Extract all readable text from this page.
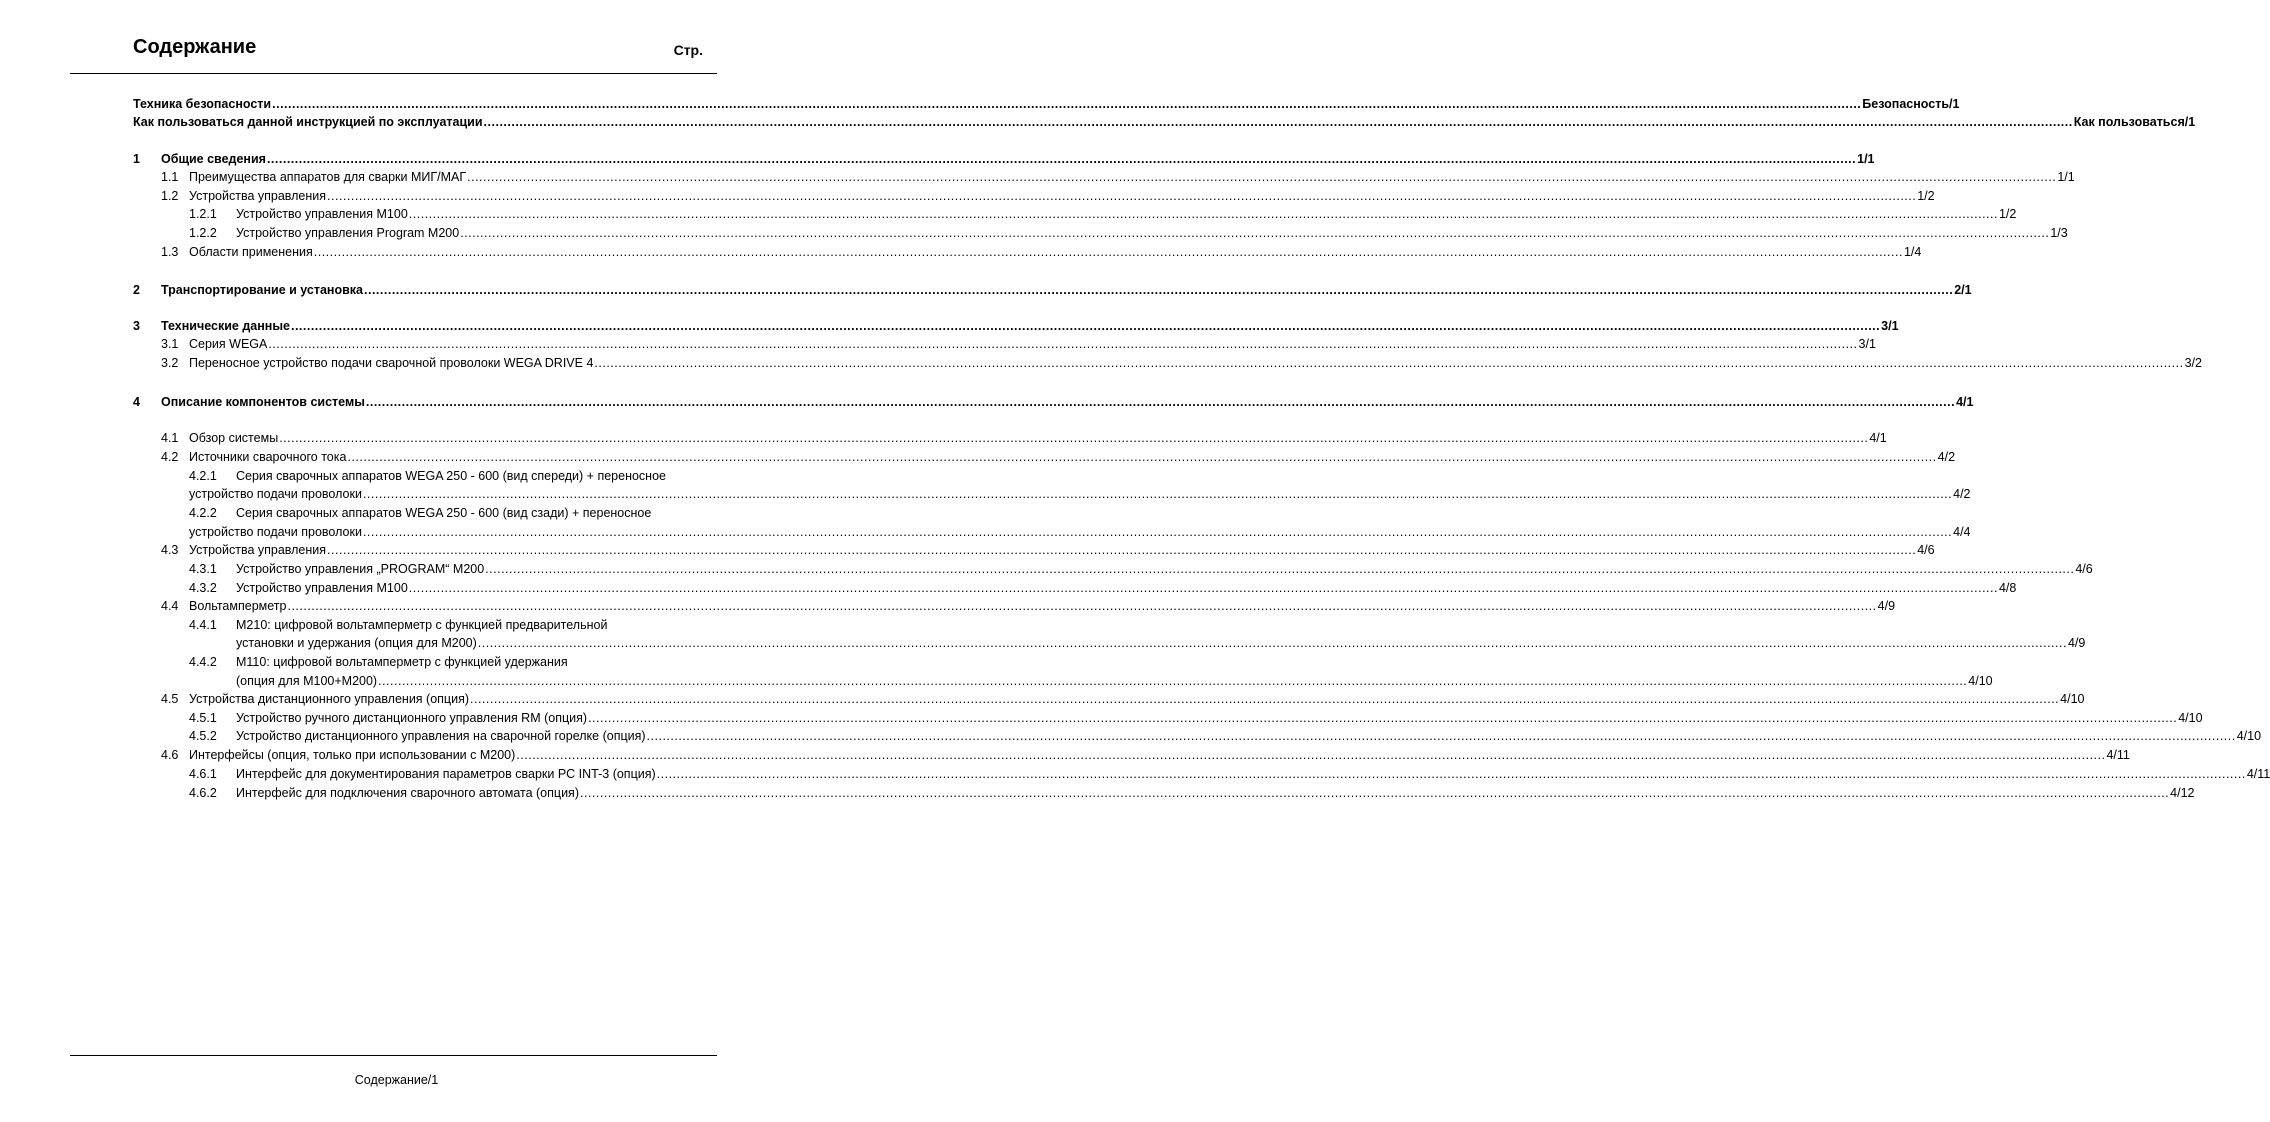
Содержание	Стр.
Техника безопасности ................................................................................................................................................................................................................................................................................................................................................................................................................ Безопасность/1
Как пользоваться данной инструкцией по эксплуатации ................................................................................................................................................................................................................................................................................................................................................................................................................ Как пользоваться/1
1 Общие сведения ................................................................................................................................................................................................................................................................................................................................................................................................................ 1/1
1.1 Преимущества аппаратов для сварки МИГ/МАГ ................................................................................................................................................................................................................................................................................................................................................................................................................ 1/1
1.2 Устройства управления ................................................................................................................................................................................................................................................................................................................................................................................................................ 1/2
1.2.1 Устройство управления M100 ................................................................................................................................................................................................................................................................................................................................................................................................................ 1/2
1.2.2 Устройство управления Program M200 ................................................................................................................................................................................................................................................................................................................................................................................................................ 1/3
1.3 Области применения ................................................................................................................................................................................................................................................................................................................................................................................................................ 1/4
2 Транспортирование и установка ................................................................................................................................................................................................................................................................................................................................................................................................................ 2/1
3 Технические данные ................................................................................................................................................................................................................................................................................................................................................................................................................ 3/1
3.1 Серия WEGA ................................................................................................................................................................................................................................................................................................................................................................................................................ 3/1
3.2 Переносное устройство подачи сварочной проволоки WEGA DRIVE 4 ................................................................................................................................................................................................................................................................................................................................................................................................................ 3/2
4 Описание компонентов системы ................................................................................................................................................................................................................................................................................................................................................................................................................ 4/1
4.1 Обзор системы ................................................................................................................................................................................................................................................................................................................................................................................................................ 4/1
4.2 Источники сварочного тока ................................................................................................................................................................................................................................................................................................................................................................................................................ 4/2
4.2.1 Серия сварочных аппаратов WEGA 250 - 600 (вид спереди) + переносное
устройство подачи проволоки ................................................................................................................................................................................................................................................................................................................................................................................................................ 4/2
4.2.2 Серия сварочных аппаратов WEGA 250 - 600 (вид сзади) + переносное
устройство подачи проволоки ................................................................................................................................................................................................................................................................................................................................................................................................................ 4/4
4.3 Устройства управления ................................................................................................................................................................................................................................................................................................................................................................................................................ 4/6
4.3.1 Устройство управления „PROGRAM“ M200 ................................................................................................................................................................................................................................................................................................................................................................................................................ 4/6
4.3.2 Устройство управления M100 ................................................................................................................................................................................................................................................................................................................................................................................................................ 4/8
4.4 Вольтамперметр ................................................................................................................................................................................................................................................................................................................................................................................................................ 4/9
4.4.1 M210: цифровой вольтамперметр с функцией предварительной
установки и удержания (опция для M200) ................................................................................................................................................................................................................................................................................................................................................................................................................ 4/9
4.4.2 M110: цифровой вольтамперметр с функцией удержания
(опция для M100+M200) ................................................................................................................................................................................................................................................................................................................................................................................................................ 4/10
4.5 Устройства дистанционного управления (опция) ................................................................................................................................................................................................................................................................................................................................................................................................................ 4/10
4.5.1 Устройство ручного дистанционного управления RM (опция) ................................................................................................................................................................................................................................................................................................................................................................................................................ 4/10
4.5.2 Устройство дистанционного управления на сварочной горелке (опция) ................................................................................................................................................................................................................................................................................................................................................................................................................ 4/10
4.6 Интерфейсы (опция, только при использовании с M200) ................................................................................................................................................................................................................................................................................................................................................................................................................ 4/11
4.6.1 Интерфейс для документирования параметров сварки PC INT-3 (опция) ................................................................................................................................................................................................................................................................................................................................................................................................................ 4/11
4.6.2 Интерфейс для подключения сварочного автомата (опция) ................................................................................................................................................................................................................................................................................................................................................................................................................ 4/12
Содержание/1
